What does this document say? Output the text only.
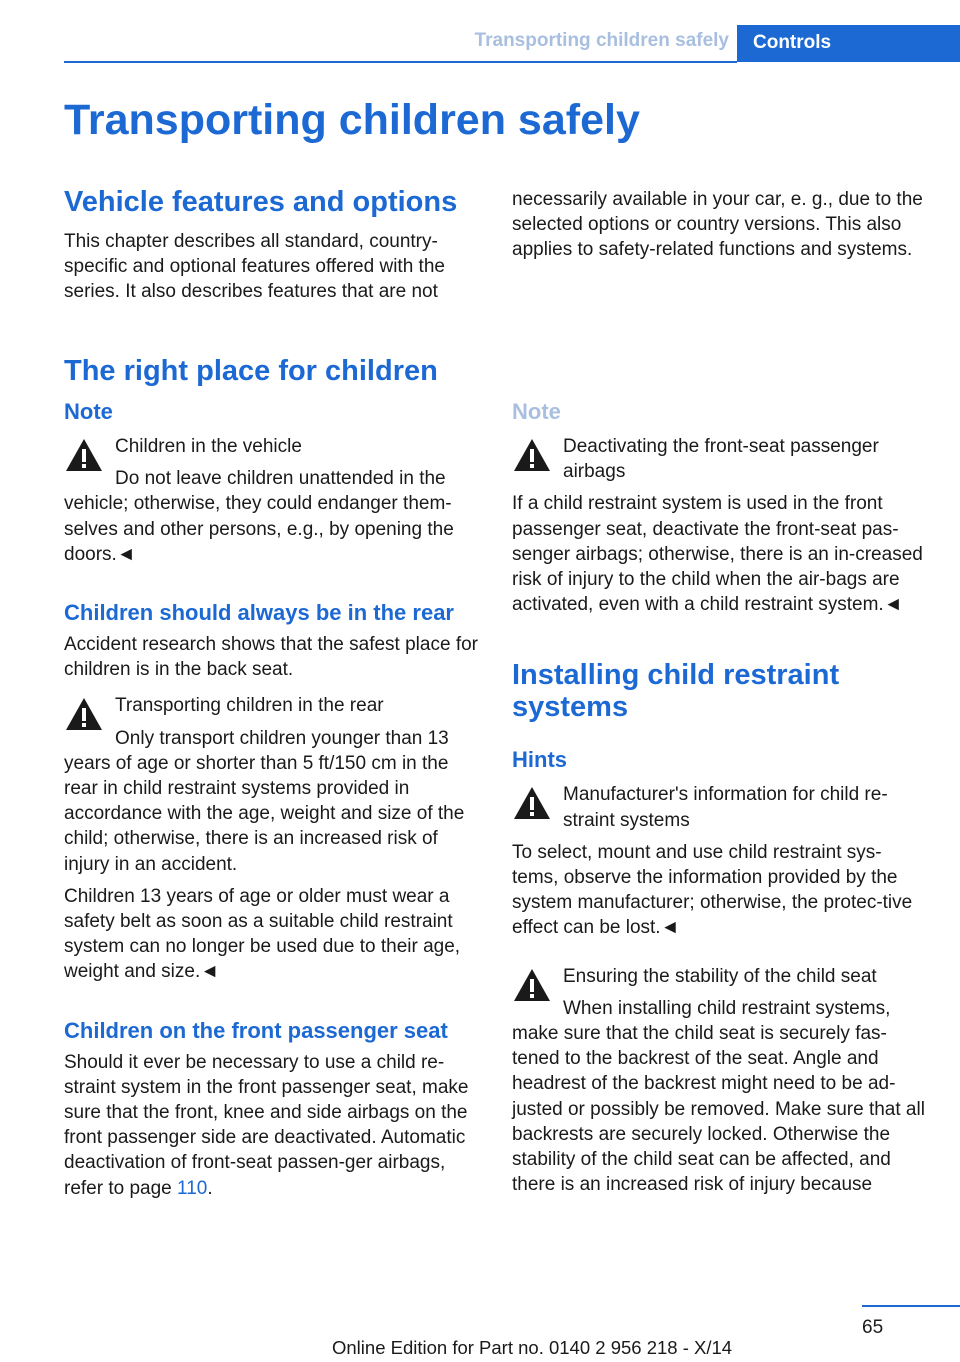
Transporting children safely	Controls
Transporting children safely
Vehicle features and options
This chapter describes all standard, country-specific and optional features offered with the series. It also describes features that are not
necessarily available in your car, e. g., due to the selected options or country versions. This also applies to safety-related functions and systems.
The right place for children
Note
Children in the vehicle
Do not leave children unattended in the vehicle; otherwise, they could endanger them-selves and other persons, e.g., by opening the doors.◄
Children should always be in the rear
Accident research shows that the safest place for children is in the back seat.
Transporting children in the rear
Only transport children younger than 13 years of age or shorter than 5 ft/150 cm in the rear in child restraint systems provided in accordance with the age, weight and size of the child; otherwise, there is an increased risk of injury in an accident.
Children 13 years of age or older must wear a safety belt as soon as a suitable child restraint system can no longer be used due to their age, weight and size.◄
Children on the front passenger seat
Should it ever be necessary to use a child re-straint system in the front passenger seat, make sure that the front, knee and side airbags on the front passenger side are deactivated. Automatic deactivation of front-seat passen-ger airbags, refer to page 110.
Note
Deactivating the front-seat passenger airbags
If a child restraint system is used in the front passenger seat, deactivate the front-seat pas-senger airbags; otherwise, there is an in-creased risk of injury to the child when the air-bags are activated, even with a child restraint system.◄
Installing child restraint systems
Hints
Manufacturer's information for child re-straint systems
To select, mount and use child restraint sys-tems, observe the information provided by the system manufacturer; otherwise, the protec-tive effect can be lost.◄
Ensuring the stability of the child seat
When installing child restraint systems, make sure that the child seat is securely fas-tened to the backrest of the seat. Angle and headrest of the backrest might need to be ad-justed or possibly be removed. Make sure that all backrests are securely locked. Otherwise the stability of the child seat can be affected, and there is an increased risk of injury because
65
Online Edition for Part no. 0140 2 956 218 - X/14
